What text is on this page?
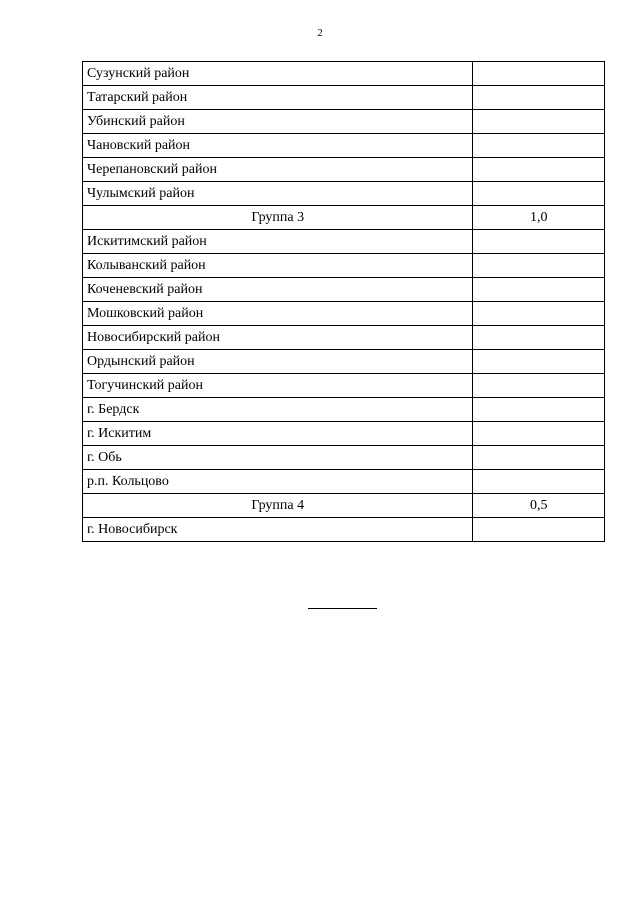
2
Сузунский район	
Татарский район	
Убинский район	
Чановский район	
Черепановский район	
Чулымский район	
Группа 3	1,0
Искитимский район	
Колыванский район	
Коченевский район	
Мошковский район	
Новосибирский район	
Ордынский район	
Тогучинский район	
г. Бердск	
г. Искитим	
г. Обь	
р.п. Кольцово	
Группа 4	0,5
г. Новосибирск	
